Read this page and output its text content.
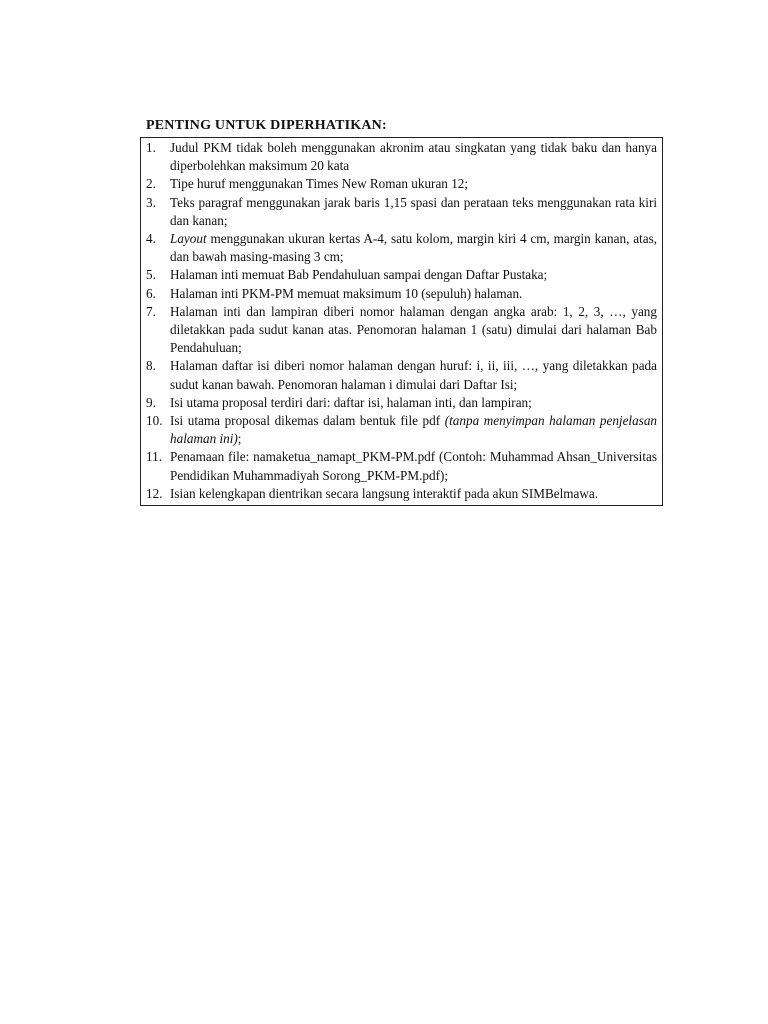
PENTING UNTUK DIPERHATIKAN:
1.	Judul PKM tidak boleh menggunakan akronim atau singkatan yang tidak baku dan hanya diperbolehkan maksimum 20 kata
2.	Tipe huruf menggunakan Times New Roman ukuran 12;
3.	Teks paragraf menggunakan jarak baris 1,15 spasi dan perataan teks menggunakan rata kiri dan kanan;
4.	Layout menggunakan ukuran kertas A-4, satu kolom, margin kiri 4 cm, margin kanan, atas, dan bawah masing-masing 3 cm;
5.	Halaman inti memuat Bab Pendahuluan sampai dengan Daftar Pustaka;
6.	Halaman inti PKM-PM memuat maksimum 10 (sepuluh) halaman.
7.	Halaman inti dan lampiran diberi nomor halaman dengan angka arab: 1, 2, 3, …, yang diletakkan pada sudut kanan atas. Penomoran halaman 1 (satu) dimulai dari halaman Bab Pendahuluan;
8.	Halaman daftar isi diberi nomor halaman dengan huruf: i, ii, iii, …, yang diletakkan pada sudut kanan bawah. Penomoran halaman i dimulai dari Daftar Isi;
9.	Isi utama proposal terdiri dari: daftar isi, halaman inti, dan lampiran;
10. Isi utama proposal dikemas dalam bentuk file pdf (tanpa menyimpan halaman penjelasan halaman ini);
11. Penamaan file: namaketua_namapt_PKM-PM.pdf (Contoh: Muhammad Ahsan_Universitas Pendidikan Muhammadiyah Sorong_PKM-PM.pdf);
12. Isian kelengkapan dientrikan secara langsung interaktif pada akun SIMBelmawa.
